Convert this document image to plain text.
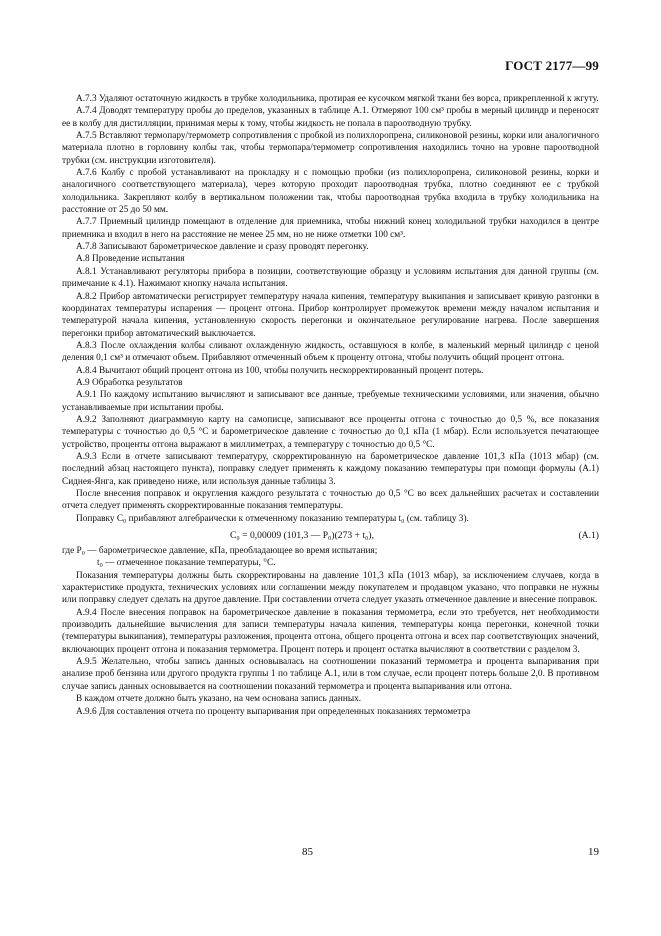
ГОСТ 2177—99

А.7.3 Удаляют остаточную жидкость в трубке холодильника, протирая ее кусочком мягкой ткани без ворса, прикрепленной к жгуту.

А.7.4 Доводят температуру пробы до пределов, указанных в таблице А.1. Отмеряют 100 см³ пробы в мерный цилиндр и переносят ее в колбу для дистилляции, принимая меры к тому, чтобы жидкость не попала в пароотводную трубку.

А.7.5 Вставляют термопару/термометр сопротивления с пробкой из полихлоропрена, силиконовой резины, корки или аналогичного материала плотно в горловину колбы так, чтобы термопара/термометр сопротивления находились точно на уровне пароотводной трубки (см. инструкции изготовителя).

А.7.6 Колбу с пробой устанавливают на прокладку и с помощью пробки (из полихлоропрена, силиконовой резины, корки и аналогичного соответствующего материала), через которую проходит пароотводная трубка, плотно соединяют ее с трубкой холодильника. Закрепляют колбу в вертикальном положении так, чтобы пароотводная трубка входила в трубку холодильника на расстояние от 25 до 50 мм.

А.7.7 Приемный цилиндр помещают в отделение для приемника, чтобы нижний конец холодильной трубки находился в центре приемника и входил в него на расстояние не менее 25 мм, но не ниже отметки 100 см³.

А.7.8 Записывают барометрическое давление и сразу проводят перегонку.

А.8 Проведение испытания

А.8.1 Устанавливают регуляторы прибора в позиции, соответствующие образцу и условиям испытания для данной группы (см. примечание к 4.1). Нажимают кнопку начала испытания.

А.8.2 Прибор автоматически регистрирует температуру начала кипения, температуру выкипания и записывает кривую разгонки в координатах температуры испарения — процент отгона. Прибор контролирует промежуток времени между началом испытания и температурой начала кипения, установленную скорость перегонки и окончательное регулирование нагрева. После завершения перегонки прибор автоматический выключается.

А.8.3 После охлаждения колбы сливают охлажденную жидкость, оставшуюся в колбе, в маленький мерный цилиндр с ценой деления 0,1 см³ и отмечают объем. Прибавляют отмеченный объем к проценту отгона, чтобы получить общий процент отгона.

А.8.4 Вычитают общий процент отгона из 100, чтобы получить нескорректированный процент потерь.

А.9 Обработка результатов

А.9.1 По каждому испытанию вычисляют и записывают все данные, требуемые техническими условиями, или значения, обычно устанавливаемые при испытании пробы.

А.9.2 Заполняют диаграммную карту на самописце, записывают все проценты отгона с точностью до 0,5 %, все показания температуры с точностью до 0,5 °С и барометрическое давление с точностью до 0,1 кПа (1 мбар). Если используется печатающее устройство, проценты отгона выражают в миллиметрах, а температуру с точностью до 0,5 °С.

А.9.3 Если в отчете записывают температуру, скорректированную на барометрическое давление 101,3 кПа (1013 мбар) (см. последний абзац настоящего пункта), поправку следует применять к каждому показанию температуры при помощи формулы (А.1) Сиднея-Янга, как приведено ниже, или используя данные таблицы 3.

После внесения поправок и округления каждого результата с точностью до 0,5 °С во всех дальнейших расчетах и составлении отчета следует применять скорректированные показания температуры.

Поправку C₀ прибавляют алгебраически к отмеченному показанию температуры t₀ (см. таблицу 3).

C₀ = 0,00009 (101,3 — P₀)(273 + t₀),	(А.1)

где P₀ — барометрическое давление, кПа, преобладающее во время испытания;

t₀ — отмеченное показание температуры, °С.

Показания температуры должны быть скорректированы на давление 101,3 кПа (1013 мбар), за исключением случаев, когда в характеристике продукта, технических условиях или соглашении между покупателем и продавцом указано, что поправки не нужны или поправку следует сделать на другое давление. При составлении отчета следует указать отмеченное давление и внесение поправок.

А.9.4 После внесения поправок на барометрическое давление в показания термометра, если это требуется, нет необходимости производить дальнейшие вычисления для записи температуры начала кипения, температуры конца перегонки, конечной точки (температуры выкипания), температуры разложения, процента отгона, общего процента отгона и всех пар соответствующих значений, включающих процент отгона и показания термометра. Процент потерь и процент остатка вычисляют в соответствии с разделом 3.

А.9.5 Желательно, чтобы запись данных основывалась на соотношении показаний термометра и процента выпаривания при анализе проб бензина или другого продукта группы 1 по таблице А.1, или в том случае, если процент потерь больше 2,0. В противном случае запись данных основывается на соотношении показаний термометра и процента выпаривания или отгона.

В каждом отчете должно быть указано, на чем основана запись данных.

А.9.6 Для составления отчета по проценту выпаривания при определенных показаниях термометра

85	19
